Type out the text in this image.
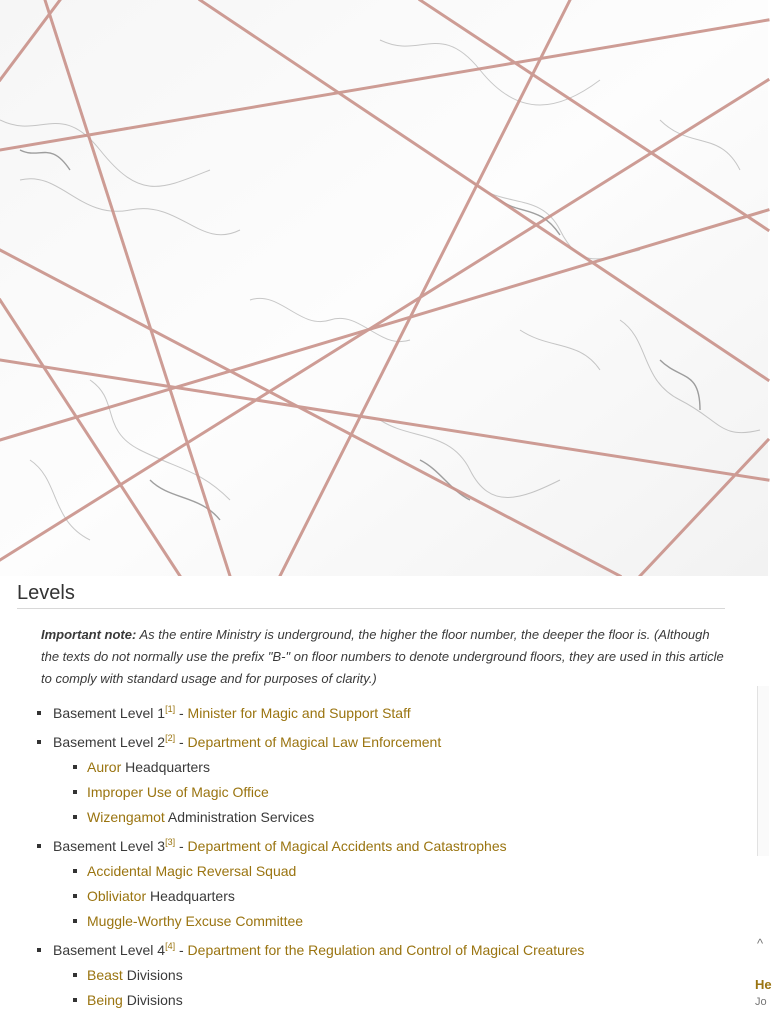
Levels

Important note: As the entire Ministry is underground, the higher the floor number, the deeper the floor is. (Although the texts do not normally use the prefix "B-" on floor numbers to denote underground floors, they are used in this article to comply with standard usage and for purposes of clarity.)

Basement Level 1[1] - Minister for Magic and Support Staff
Basement Level 2[2] - Department of Magical Law Enforcement
Auror Headquarters
Improper Use of Magic Office
Wizengamot Administration Services
Basement Level 3[3] - Department of Magical Accidents and Catastrophes
Accidental Magic Reversal Squad
Obliviator Headquarters
Muggle-Worthy Excuse Committee
Basement Level 4[4] - Department for the Regulation and Control of Magical Creatures
Beast Divisions
Being Divisions
^
He
Jo
